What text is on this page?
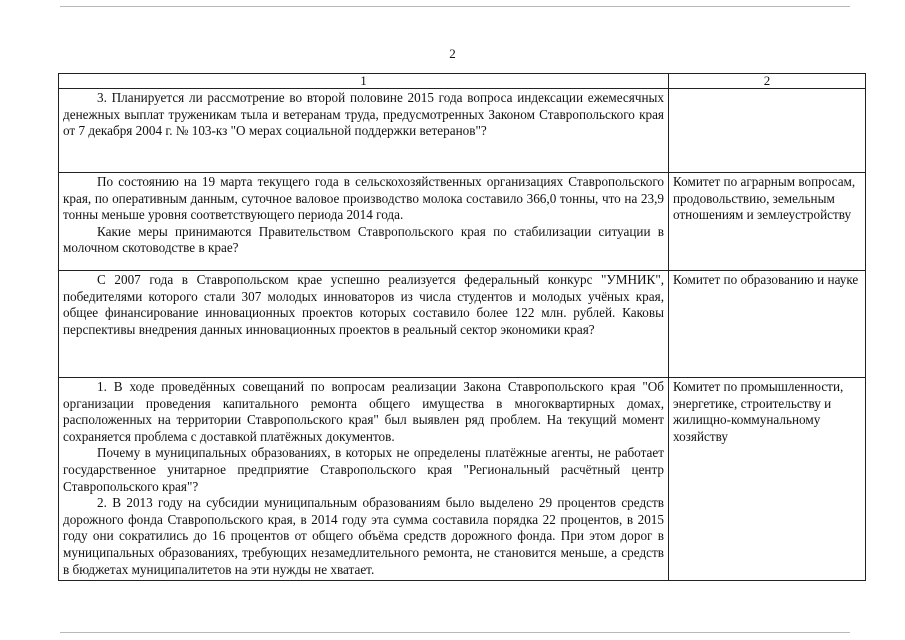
2
1	2

3. Планируется ли рассмотрение во второй половине 2015 года вопроса индексации ежемесячных денежных выплат труженикам тыла и ветеранам труда, предусмотренных Законом Ставропольского края от 7 декабря 2004 г. № 103-кз "О мерах социальной поддержки ветеранов"?	

По состоянию на 19 марта текущего года в сельскохозяйственных организациях Ставропольского края, по оперативным данным, суточное валовое производство молока составило 366,0 тонны, что на 23,9 тонны меньше уровня соответствующего периода 2014 года.
Какие меры принимаются Правительством Ставропольского края по стабилизации ситуации в молочном скотоводстве в крае?	Комитет по аграрным вопросам, продовольствию, земельным отношениям и землеустройству

С 2007 года в Ставропольском крае успешно реализуется федеральный конкурс "УМНИК", победителями которого стали 307 молодых инноваторов из числа студентов и молодых учёных края, общее финансирование инновационных проектов которых составило более 122 млн. рублей. Каковы перспективы внедрения данных инновационных проектов в реальный сектор экономики края?	Комитет по образованию и науке

1. В ходе проведённых совещаний по вопросам реализации Закона Ставропольского края "Об организации проведения капитального ремонта общего имущества в многоквартирных домах, расположенных на территории Ставропольского края" был выявлен ряд проблем. На текущий момент сохраняется проблема с доставкой платёжных документов.
Почему в муниципальных образованиях, в которых не определены платёжные агенты, не работает государственное унитарное предприятие Ставропольского края "Региональный расчётный центр Ставропольского края"?
2. В 2013 году на субсидии муниципальным образованиям было выделено 29 процентов средств дорожного фонда Ставропольского края, в 2014 году эта сумма составила порядка 22 процентов, в 2015 году они сократились до 16 процентов от общего объёма средств дорожного фонда. При этом дорог в муниципальных образованиях, требующих незамедлительного ремонта, не становится меньше, а средств в бюджетах муниципалитетов на эти нужды не хватает.	Комитет по промышленности, энергетике, строительству и жилищно-коммунальному хозяйству
